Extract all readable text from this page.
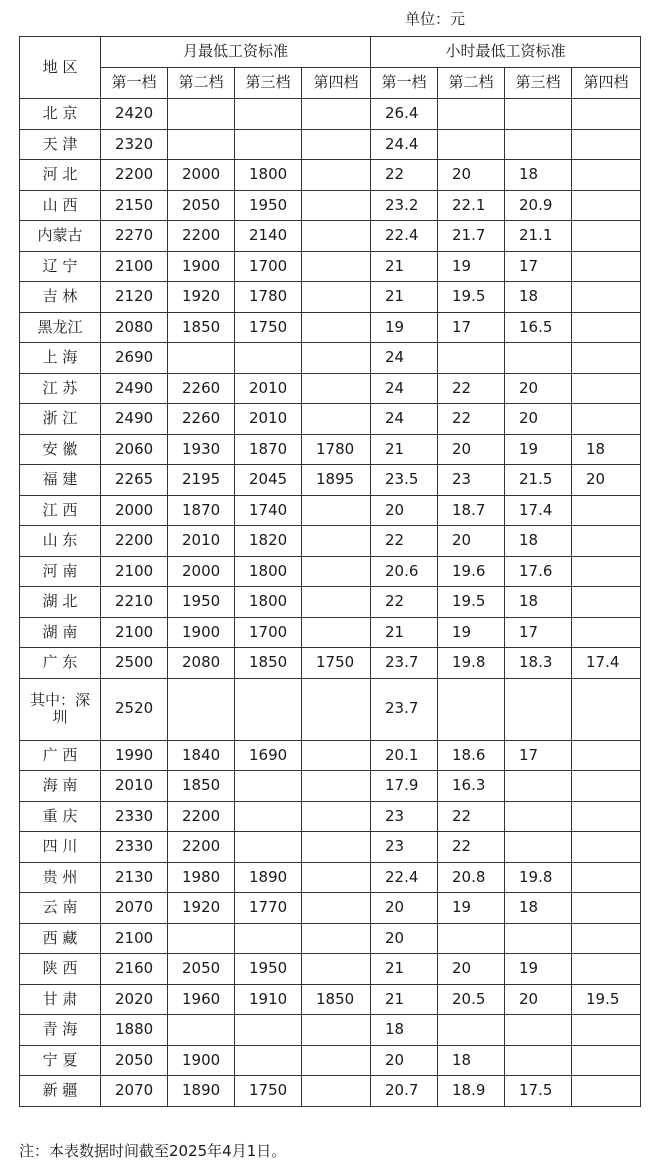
单位：元
地 区	月最低工资标准				小时最低工资标准			
	第一档	第二档	第三档	第四档	第一档	第二档	第三档	第四档
北 京	2420				26.4			
天 津	2320				24.4			
河 北	2200	2000	1800		22	20	18	
山 西	2150	2050	1950		23.2	22.1	20.9	
内蒙古	2270	2200	2140		22.4	21.7	21.1	
辽 宁	2100	1900	1700		21	19	17	
吉 林	2120	1920	1780		21	19.5	18	
黑龙江	2080	1850	1750		19	17	16.5	
上 海	2690				24			
江 苏	2490	2260	2010		24	22	20	
浙 江	2490	2260	2010		24	22	20	
安 徽	2060	1930	1870	1780	21	20	19	18
福 建	2265	2195	2045	1895	23.5	23	21.5	20
江 西	2000	1870	1740		20	18.7	17.4	
山 东	2200	2010	1820		22	20	18	
河 南	2100	2000	1800		20.6	19.6	17.6	
湖 北	2210	1950	1800		22	19.5	18	
湖 南	2100	1900	1700		21	19	17	
广 东	2500	2080	1850	1750	23.7	19.8	18.3	17.4
其中：深圳	2520				23.7			
广 西	1990	1840	1690		20.1	18.6	17	
海 南	2010	1850			17.9	16.3		
重 庆	2330	2200			23	22		
四 川	2330	2200			23	22		
贵 州	2130	1980	1890		22.4	20.8	19.8	
云 南	2070	1920	1770		20	19	18	
西 藏	2100				20			
陕 西	2160	2050	1950		21	20	19	
甘 肃	2020	1960	1910	1850	21	20.5	20	19.5
青 海	1880				18			
宁 夏	2050	1900			20	18		
新 疆	2070	1890	1750		20.7	18.9	17.5	
注：本表数据时间截至2025年4月1日。
